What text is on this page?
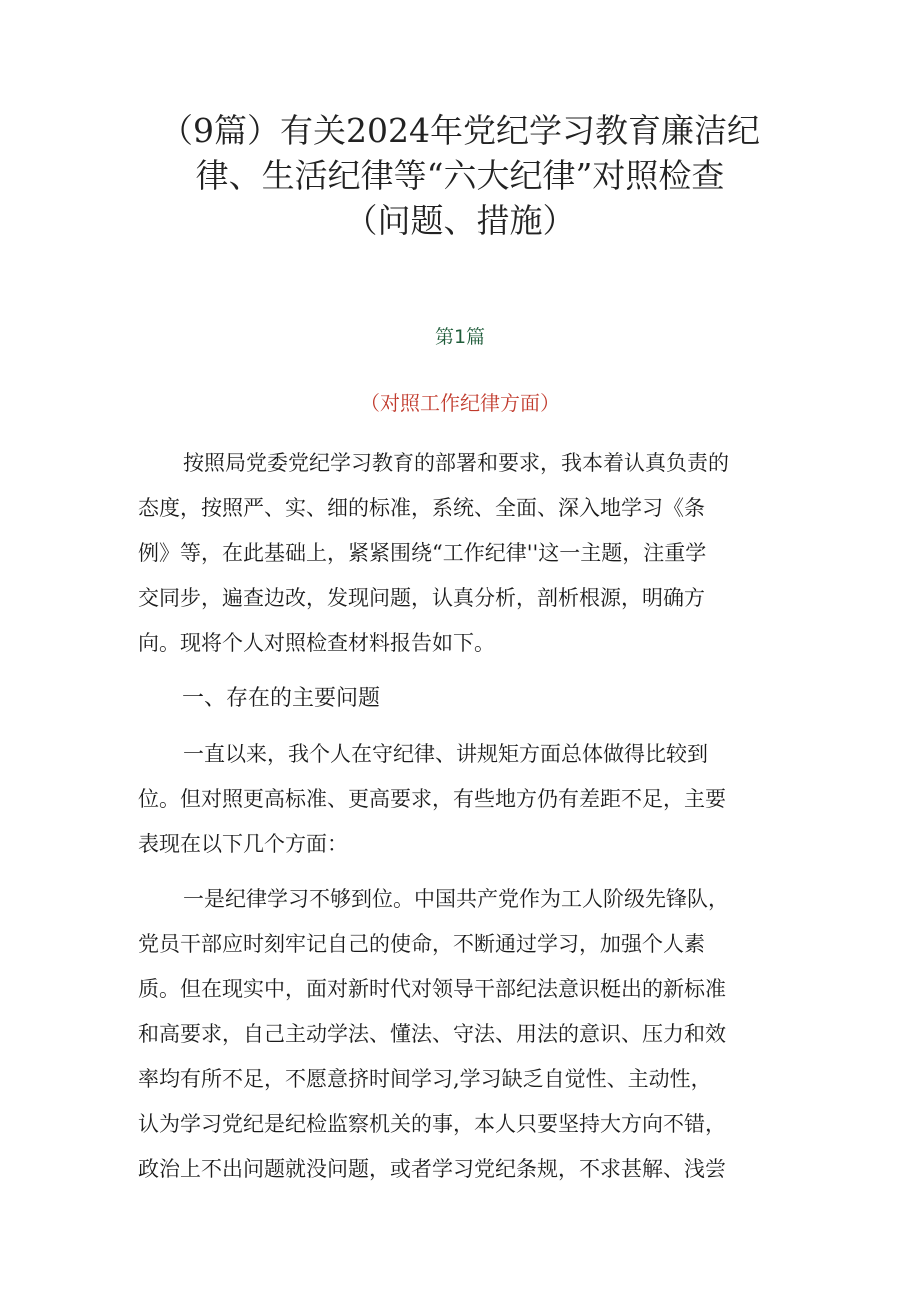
（9篇）有关2024年党纪学习教育廉洁纪
律、生活纪律等“六大纪律”对照检查
（问题、措施）

第1篇

（对照工作纪律方面）

按照局党委党纪学习教育的部署和要求，我本着认真负责的
态度，按照严、实、细的标准，系统、全面、深入地学习《条
例》等，在此基础上，紧紧围绕“工作纪律''这一主题，注重学
交同步，遍查边改，发现问题，认真分析，剖析根源，明确方
向。现将个人对照检查材料报告如下。

一、存在的主要问题

一直以来，我个人在守纪律、讲规矩方面总体做得比较到
位。但对照更高标准、更高要求，有些地方仍有差距不足，主要
表现在以下几个方面：

一是纪律学习不够到位。中国共产党作为工人阶级先锋队，
党员干部应时刻牢记自己的使命，不断通过学习，加强个人素
质。但在现实中，面对新时代对领导干部纪法意识梃出的新标准
和高要求，自己主动学法、懂法、守法、用法的意识、压力和效
率均有所不足，不愿意挤时间学习,学习缺乏自觉性、主动性，
认为学习党纪是纪检监察机关的事，本人只要坚持大方向不错，
政治上不出问题就没问题，或者学习党纪条规，不求甚解、浅尝
